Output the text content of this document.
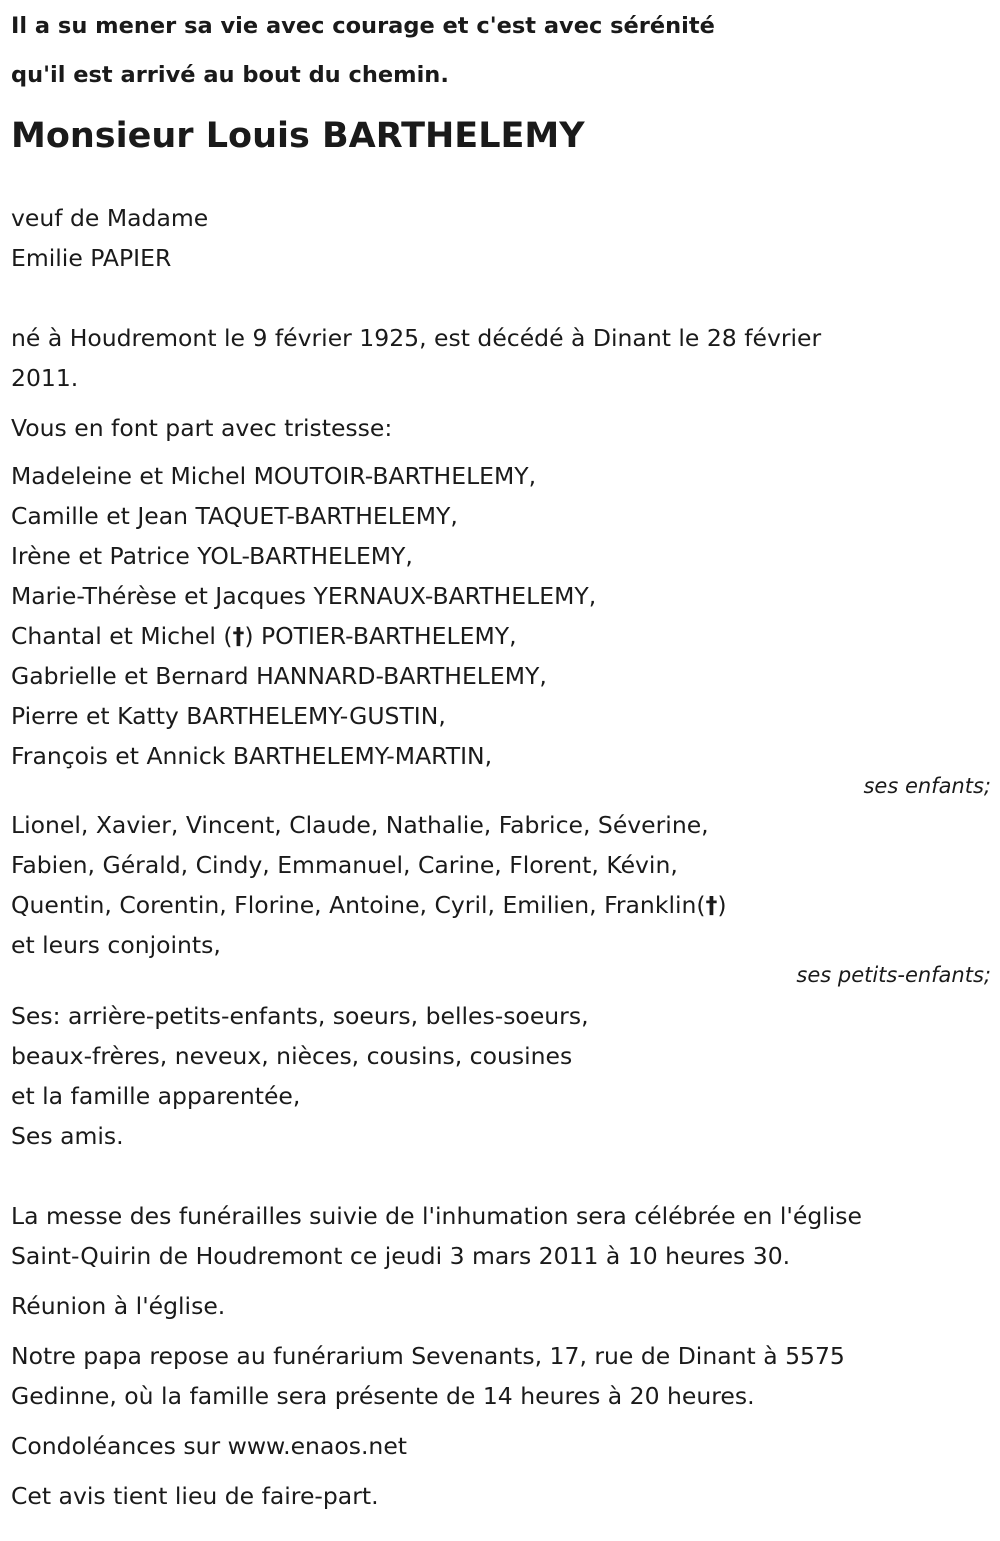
Il a su mener sa vie avec courage et c'est avec sérénité
qu'il est arrivé au bout du chemin.
Monsieur Louis BARTHELEMY
veuf de Madame
Emilie PAPIER
né à Houdremont le 9 février 1925, est décédé à Dinant le 28 février
2011.

Vous en font part avec tristesse:

Madeleine et Michel MOUTOIR-BARTHELEMY,
Camille et Jean TAQUET-BARTHELEMY,
Irène et Patrice YOL-BARTHELEMY,
Marie-Thérèse et Jacques YERNAUX-BARTHELEMY,
Chantal et Michel (†) POTIER-BARTHELEMY,
Gabrielle et Bernard HANNARD-BARTHELEMY,
Pierre et Katty BARTHELEMY-GUSTIN,
François et Annick BARTHELEMY-MARTIN,

ses enfants;

Lionel, Xavier, Vincent, Claude, Nathalie, Fabrice, Séverine,
Fabien, Gérald, Cindy, Emmanuel, Carine, Florent, Kévin,
Quentin, Corentin, Florine, Antoine, Cyril, Emilien, Franklin(†)
et leurs conjoints,

ses petits-enfants;

Ses: arrière-petits-enfants, soeurs, belles-soeurs,
beaux-frères, neveux, nièces, cousins, cousines
et la famille apparentée,
Ses amis.
La messe des funérailles suivie de l'inhumation sera célébrée en l'église
Saint-Quirin de Houdremont ce jeudi 3 mars 2011 à 10 heures 30.

Réunion à l'église.

Notre papa repose au funérarium Sevenants, 17, rue de Dinant à 5575
Gedinne, où la famille sera présente de 14 heures à 20 heures.

Condoléances sur www.enaos.net

Cet avis tient lieu de faire-part.
